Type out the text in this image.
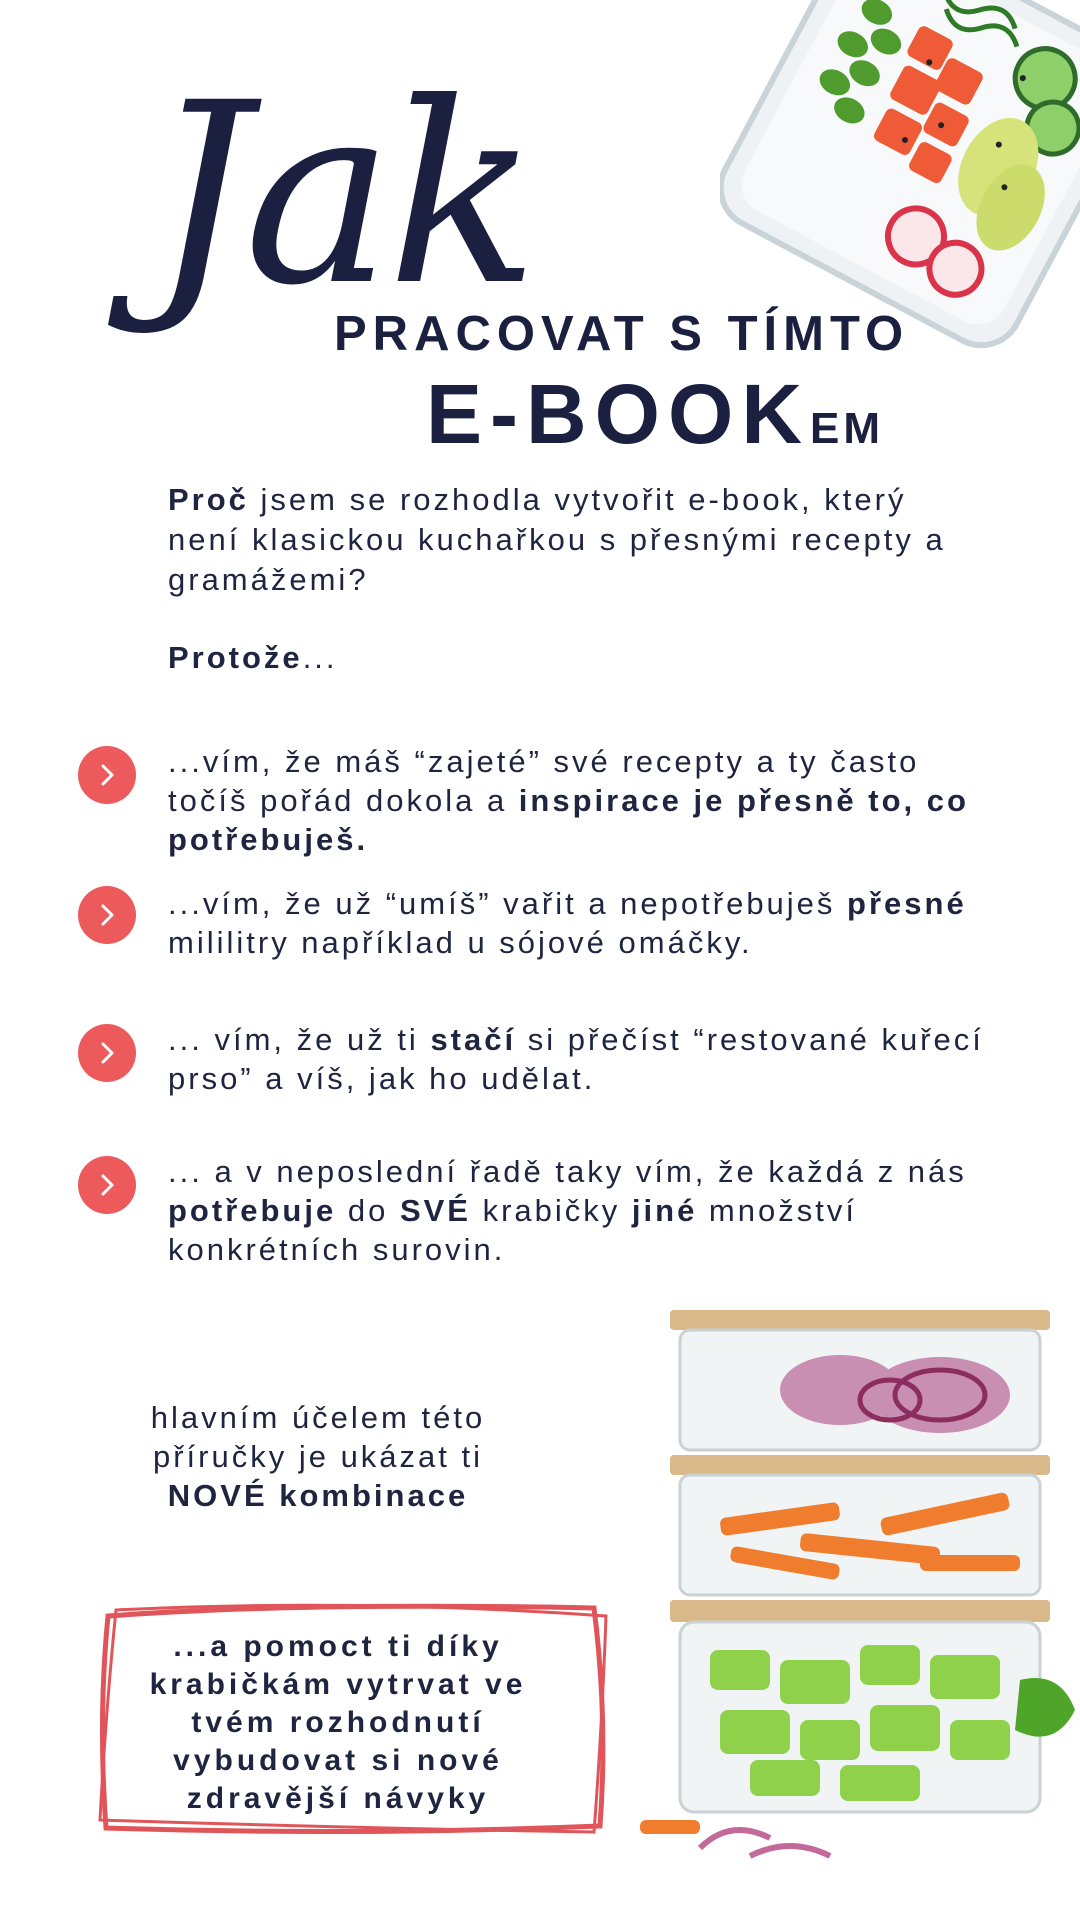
Jak
PRACOVAT S TÍMTO
E-BOOKEM
Proč jsem se rozhodla vytvořit e-book, který není klasickou kuchařkou s přesnými recepty a gramážemi?
Protože...
...vím, že máš “zajeté” své recepty a ty často točíš pořád dokola a inspirace je přesně to, co potřebuješ.
...vím, že už “umíš” vařit a nepotřebuješ přesné mililitry například u sójové omáčky.
... vím, že už ti stačí si přečíst “restované kuřecí prso” a víš, jak ho udělat.
... a v neposlední řadě taky vím, že každá z nás potřebuje do SVÉ krabičky jiné množství konkrétních surovin.
hlavním účelem této
příručky je ukázat ti
NOVÉ kombinace
...a pomoct ti díky
krabičkám vytrvat ve
tvém rozhodnutí
vybudovat si nové
zdravější návyky
